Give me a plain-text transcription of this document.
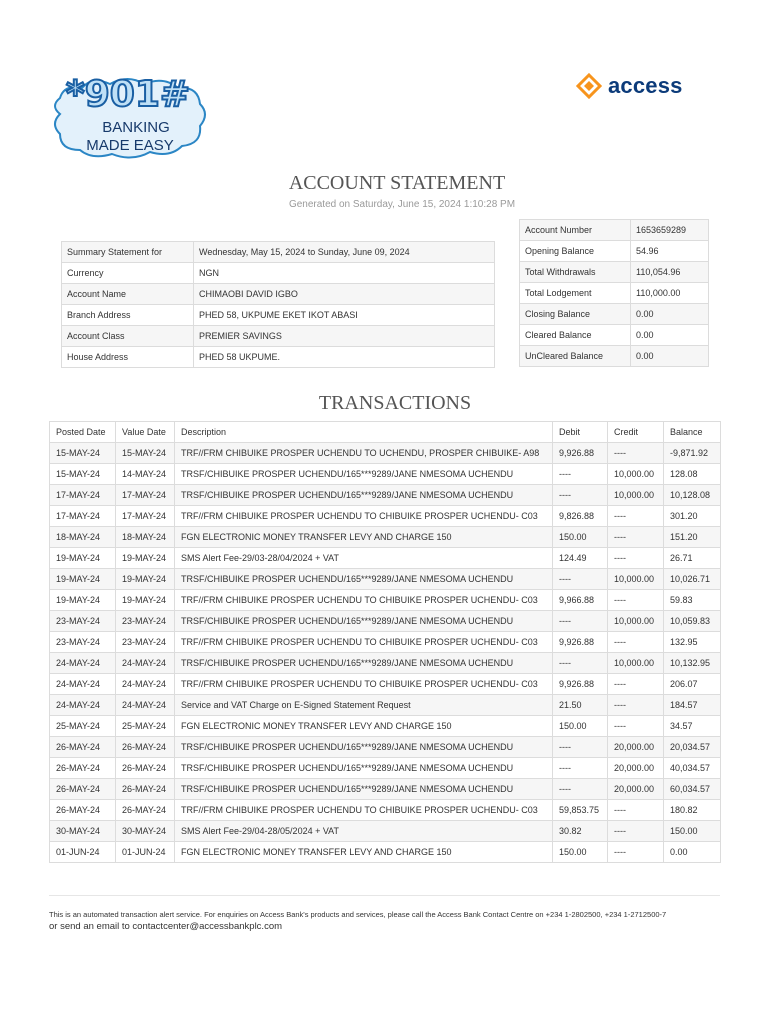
*901#
BANKING
MADE EASY
access
ACCOUNT STATEMENT
Generated on Saturday, June 15, 2024 1:10:28 PM
Summary Statement for	Wednesday, May 15, 2024 to Sunday, June 09, 2024
Currency	NGN
Account Name	CHIMAOBI DAVID IGBO
Branch Address	PHED 58, UKPUME EKET IKOT ABASI
Account Class	PREMIER SAVINGS
House Address	PHED 58 UKPUME.
Account Number	1653659289
Opening Balance	54.96
Total Withdrawals	110,054.96
Total Lodgement	110,000.00
Closing Balance	0.00
Cleared Balance	0.00
UnCleared Balance	0.00
TRANSACTIONS
Posted Date	Value Date	Description	Debit	Credit	Balance
15-MAY-24	15-MAY-24	TRF//FRM CHIBUIKE PROSPER UCHENDU TO UCHENDU, PROSPER CHIBUIKE- A98	9,926.88	----	-9,871.92
15-MAY-24	14-MAY-24	TRSF/CHIBUIKE PROSPER UCHENDU/165***9289/JANE NMESOMA UCHENDU	----	10,000.00	128.08
17-MAY-24	17-MAY-24	TRSF/CHIBUIKE PROSPER UCHENDU/165***9289/JANE NMESOMA UCHENDU	----	10,000.00	10,128.08
17-MAY-24	17-MAY-24	TRF//FRM CHIBUIKE PROSPER UCHENDU TO CHIBUIKE PROSPER UCHENDU- C03	9,826.88	----	301.20
18-MAY-24	18-MAY-24	FGN ELECTRONIC MONEY TRANSFER LEVY AND CHARGE 150	150.00	----	151.20
19-MAY-24	19-MAY-24	SMS Alert Fee-29/03-28/04/2024 + VAT	124.49	----	26.71
19-MAY-24	19-MAY-24	TRSF/CHIBUIKE PROSPER UCHENDU/165***9289/JANE NMESOMA UCHENDU	----	10,000.00	10,026.71
19-MAY-24	19-MAY-24	TRF//FRM CHIBUIKE PROSPER UCHENDU TO CHIBUIKE PROSPER UCHENDU- C03	9,966.88	----	59.83
23-MAY-24	23-MAY-24	TRSF/CHIBUIKE PROSPER UCHENDU/165***9289/JANE NMESOMA UCHENDU	----	10,000.00	10,059.83
23-MAY-24	23-MAY-24	TRF//FRM CHIBUIKE PROSPER UCHENDU TO CHIBUIKE PROSPER UCHENDU- C03	9,926.88	----	132.95
24-MAY-24	24-MAY-24	TRSF/CHIBUIKE PROSPER UCHENDU/165***9289/JANE NMESOMA UCHENDU	----	10,000.00	10,132.95
24-MAY-24	24-MAY-24	TRF//FRM CHIBUIKE PROSPER UCHENDU TO CHIBUIKE PROSPER UCHENDU- C03	9,926.88	----	206.07
24-MAY-24	24-MAY-24	Service and VAT Charge on E-Signed Statement Request	21.50	----	184.57
25-MAY-24	25-MAY-24	FGN ELECTRONIC MONEY TRANSFER LEVY AND CHARGE 150	150.00	----	34.57
26-MAY-24	26-MAY-24	TRSF/CHIBUIKE PROSPER UCHENDU/165***9289/JANE NMESOMA UCHENDU	----	20,000.00	20,034.57
26-MAY-24	26-MAY-24	TRSF/CHIBUIKE PROSPER UCHENDU/165***9289/JANE NMESOMA UCHENDU	----	20,000.00	40,034.57
26-MAY-24	26-MAY-24	TRSF/CHIBUIKE PROSPER UCHENDU/165***9289/JANE NMESOMA UCHENDU	----	20,000.00	60,034.57
26-MAY-24	26-MAY-24	TRF//FRM CHIBUIKE PROSPER UCHENDU TO CHIBUIKE PROSPER UCHENDU- C03	59,853.75	----	180.82
30-MAY-24	30-MAY-24	SMS Alert Fee-29/04-28/05/2024 + VAT	30.82	----	150.00
01-JUN-24	01-JUN-24	FGN ELECTRONIC MONEY TRANSFER LEVY AND CHARGE 150	150.00	----	0.00
This is an automated transaction alert service. For enquiries on Access Bank's products and services, please call the Access Bank Contact Centre on +234 1-2802500, +234 1-2712500-7
or send an email to contactcenter@accessbankplc.com
